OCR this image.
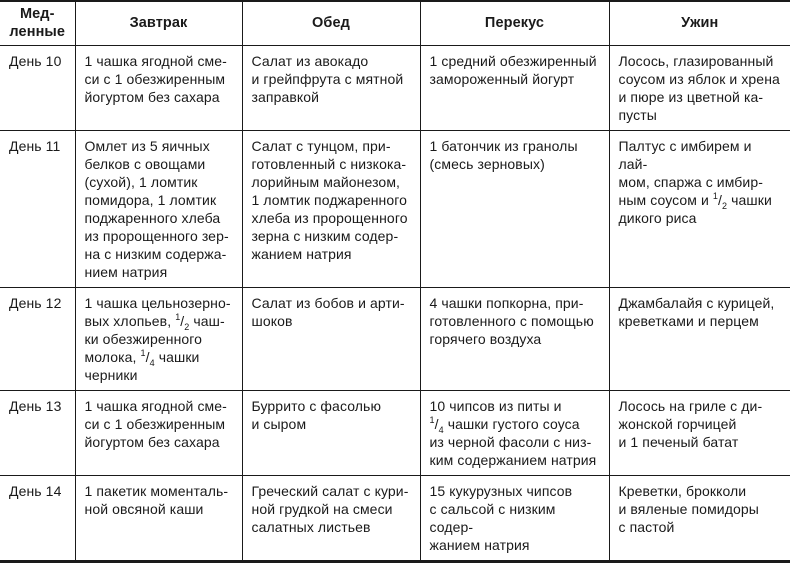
Мед-
ленные	Завтрак	Обед	Перекус	Ужин
День 10	1 чашка ягодной сме-
си с 1 обезжиренным
йогуртом без сахара	Салат из авокадо
и грейпфрута с мятной
заправкой	1 средний обезжиренный
замороженный йогурт	Лосось, глазированный
соусом из яблок и хрена
и пюре из цветной ка-
пусты
День 11	Омлет из 5 яичных
белков с овощами
(сухой), 1 ломтик
помидора, 1 ломтик
поджаренного хлеба
из пророщенного зер-
на с низким содержа-
нием натрия	Салат с тунцом, при-
готовленный с низкока-
лорийным майонезом,
1 ломтик поджаренного
хлеба из пророщенного
зерна с низким содер-
жанием натрия	1 батончик из гранолы
(смесь зерновых)	Палтус с имбирем и лай-
мом, спаржа с имбир-
ным соусом и $^1/_2$ чашки
дикого риса
День 12	1 чашка цельнозерно-
вых хлопьев, $^1/_2$ чаш-
ки обезжиренного
молока, $^1/_4$ чашки
черники	Салат из бобов и арти-
шоков	4 чашки попкорна, при-
готовленного с помощью
горячего воздуха	Джамбалайя с курицей,
креветками и перцем
День 13	1 чашка ягодной сме-
си с 1 обезжиренным
йогуртом без сахара	Буррито с фасолью
и сыром	10 чипсов из питы и
$^1/_4$ чашки густого соуса
из черной фасоли с низ-
ким содержанием натрия	Лосось на гриле с ди-
жонской горчицей
и 1 печеный батат
День 14	1 пакетик моменталь-
ной овсяной каши	Греческий салат с кури-
ной грудкой на смеси
салатных листьев	15 кукурузных чипсов
с сальсой с низким содер-
жанием натрия	Креветки, брокколи
и вяленые помидоры
с пастой
